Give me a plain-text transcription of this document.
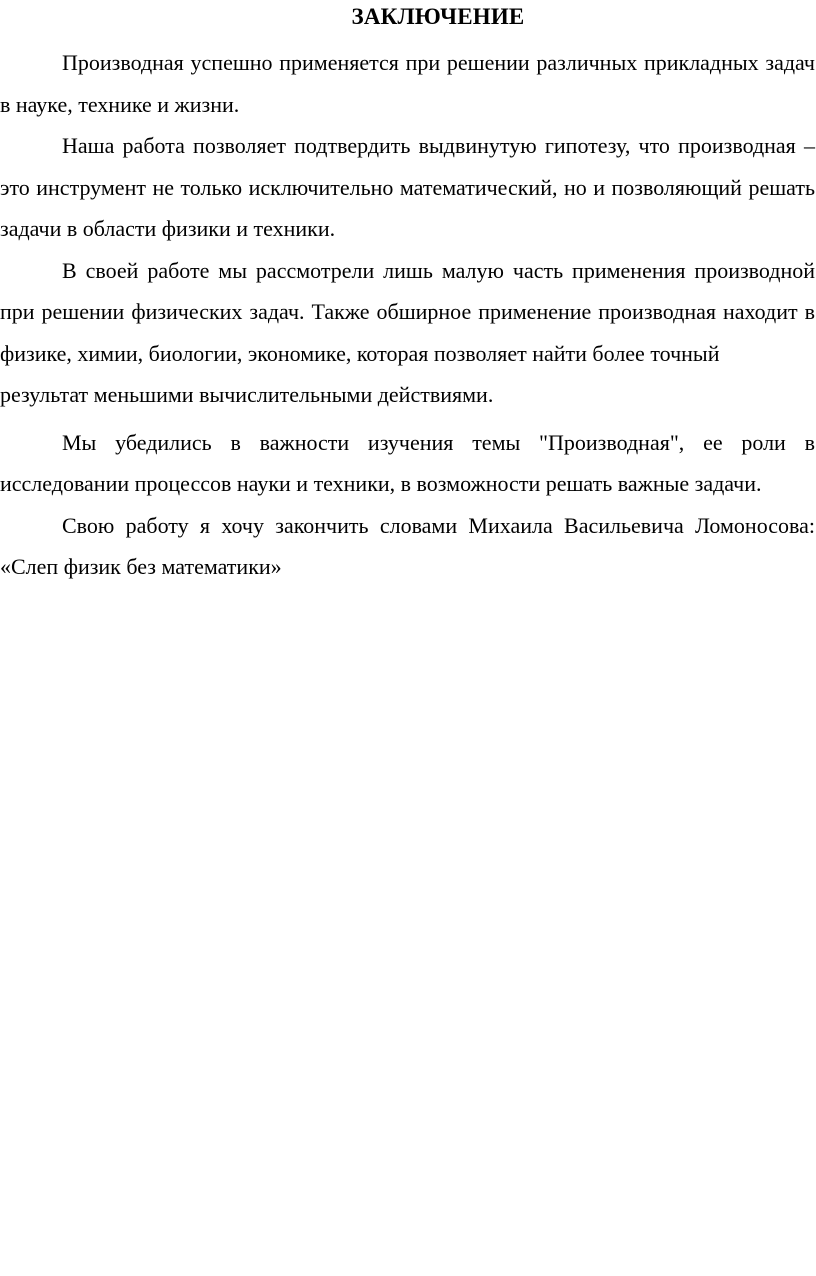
ЗАКЛЮЧЕНИЕ

Производная успешно применяется при решении различных прикладных задач в науке, технике и жизни.

Наша работа позволяет подтвердить выдвинутую гипотезу, что производная – это инструмент не только исключительно математический, но и позволяющий решать задачи в области физики и техники.

В своей работе мы рассмотрели лишь малую часть применения производной при решении физических задач. Также обширное применение производная находит в физике, химии, биологии, экономике, которая позволяет найти более точный

результат меньшими вычислительными действиями.

Мы убедились в важности изучения темы "Производная", ее роли в исследовании процессов науки и техники, в возможности решать важные задачи.

Свою работу я хочу закончить словами Михаила Васильевича Ломоносова: «Слеп физик без математики»
